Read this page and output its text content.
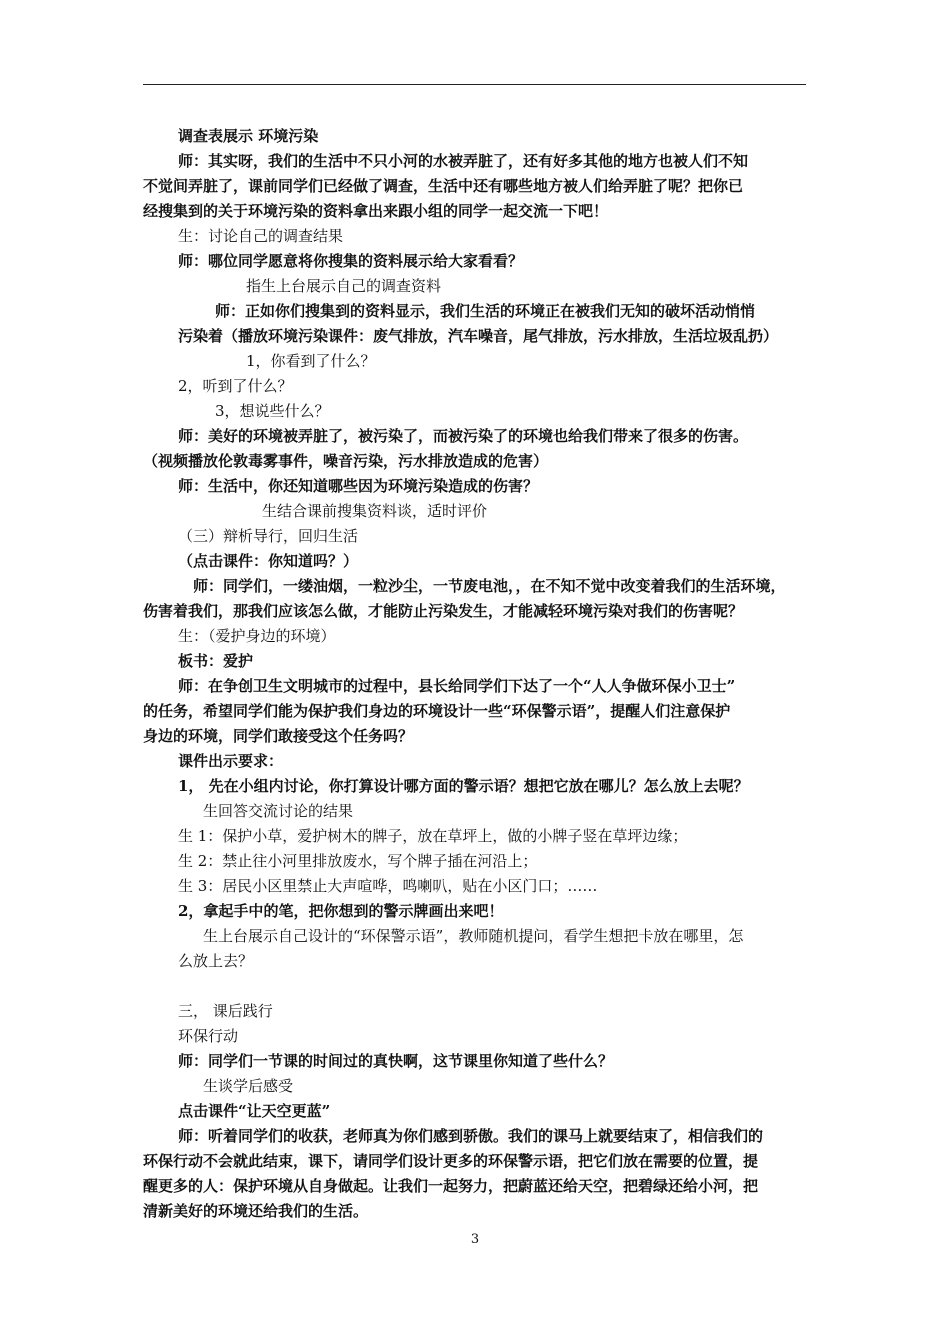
调查表展示 环境污染

师：其实呀，我们的生活中不只小河的水被弄脏了，还有好多其他的地方也被人们不知

不觉间弄脏了，课前同学们已经做了调查，生活中还有哪些地方被人们给弄脏了呢？把你已

经搜集到的关于环境污染的资料拿出来跟小组的同学一起交流一下吧！

生：讨论自己的调查结果

师：哪位同学愿意将你搜集的资料展示给大家看看？

指生上台展示自己的调查资料

师：正如你们搜集到的资料显示，我们生活的环境正在被我们无知的破坏活动悄悄

污染着（播放环境污染课件：废气排放，汽车噪音，尾气排放，污水排放，生活垃圾乱扔）

1，你看到了什么？

2，听到了什么？

3，想说些什么？

师：美好的环境被弄脏了，被污染了，而被污染了的环境也给我们带来了很多的伤害。

（视频播放伦敦毒雾事件，噪音污染，污水排放造成的危害）

师：生活中，你还知道哪些因为环境污染造成的伤害？

生结合课前搜集资料谈，适时评价

（三）辩析导行，回归生活

（点击课件：你知道吗？）

师：同学们，一缕油烟，一粒沙尘，一节废电池，，在不知不觉中改变着我们的生活环境，

伤害着我们，那我们应该怎么做，才能防止污染发生，才能减轻环境污染对我们的伤害呢？

生：（爱护身边的环境）

板书：爱护

师：在争创卫生文明城市的过程中，县长给同学们下达了一个“人人争做环保小卫士”

的任务，希望同学们能为保护我们身边的环境设计一些“环保警示语”，提醒人们注意保护

身边的环境，同学们敢接受这个任务吗？

课件出示要求：

1， 先在小组内讨论，你打算设计哪方面的警示语？想把它放在哪儿？怎么放上去呢？

生回答交流讨论的结果

生 1：保护小草，爱护树木的牌子，放在草坪上，做的小牌子竖在草坪边缘；

生 2：禁止往小河里排放废水，写个牌子插在河沿上；

生 3：居民小区里禁止大声喧哗，鸣喇叭，贴在小区门口；……

2，拿起手中的笔，把你想到的警示牌画出来吧！

生上台展示自己设计的“环保警示语”，教师随机提问，看学生想把卡放在哪里，怎

么放上去？

三， 课后践行

环保行动

师：同学们一节课的时间过的真快啊，这节课里你知道了些什么？

生谈学后感受

点击课件“让天空更蓝”

师：听着同学们的收获，老师真为你们感到骄傲。我们的课马上就要结束了，相信我们的

环保行动不会就此结束，课下，请同学们设计更多的环保警示语，把它们放在需要的位置，提

醒更多的人：保护环境从自身做起。让我们一起努力，把蔚蓝还给天空，把碧绿还给小河，把

清新美好的环境还给我们的生活。

3
